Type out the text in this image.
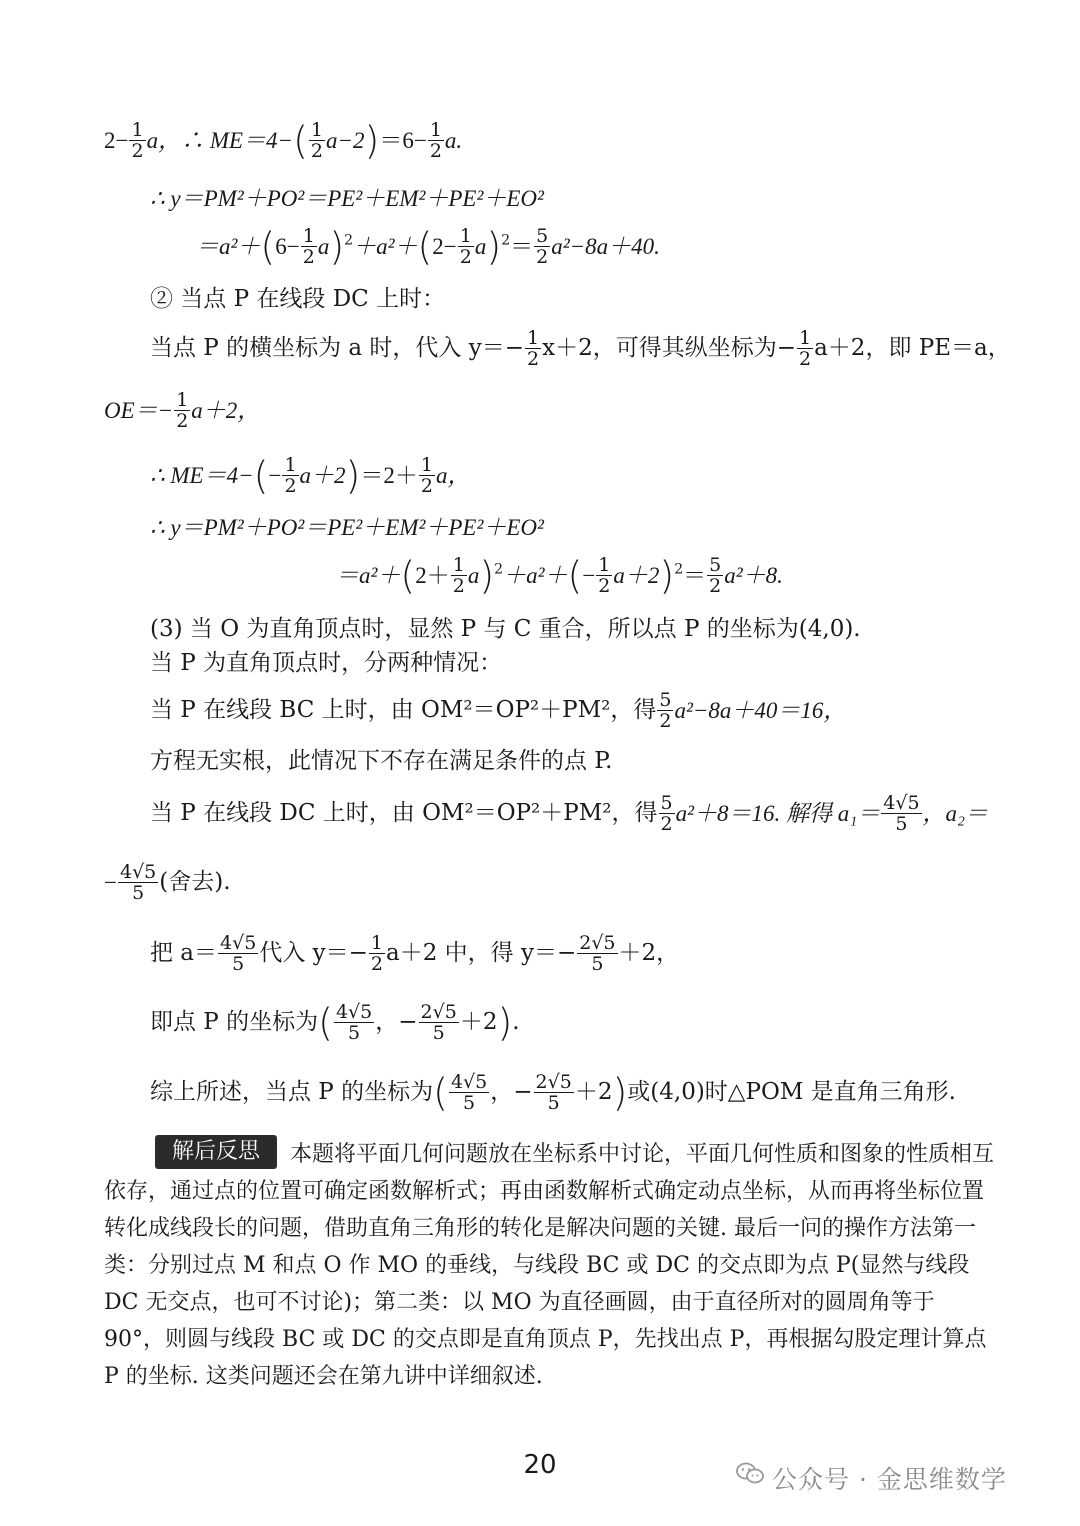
$2- \frac{1}{2}$ a，∴ $ME=4-( \frac{1}{2} a-2)=6- \frac{1}{2} a$.
∴ y＝PM²＋PO²＝PE²＋EM²＋PE²＋EO²
$=a^2+(6- \frac{1}{2} a)^2+a^2+(2- \frac{1}{2} a)^2= \frac{5}{2} a^2-8a+40$.
② 当点 P 在线段 DC 上时：
当点 P 的横坐标为 a 时，代入 $y=- \frac{1}{2} x+2$，可得其纵坐标为− $\frac{1}{2} a+2$，即 PE＝a，
$OE=- \frac{1}{2} a+2$，
∴ $ME=4-(- \frac{1}{2} a+2)=2+ \frac{1}{2}$ a，
∴ y＝PM²＋PO²＝PE²＋EM²＋PE²＋EO²
$=a^2+(2+ \frac{1}{2} a)^2+a^2+(- \frac{1}{2} a+2)^2= \frac{5}{2} a^2+8$.
(3) 当 O 为直角顶点时，显然 P 与 C 重合，所以点 P 的坐标为(4,0).
当 P 为直角顶点时，分两种情况：
当 P 在线段 BC 上时，由 OM²＝OP²＋PM²，得 $\frac{5}{2} a^2-8a+40=16$，
方程无实根，此情况下不存在满足条件的点 P.
当 P 在线段 DC 上时，由 OM²＝OP²＋PM²，得 $\frac{5}{2} a^2+8=16$. 解得 $a_1= \frac{4√5}{5}$ ，a₂＝
− $\frac{4√5}{5}$ (舍去).
把 $a= \frac{4√5}{5}$ 代入 $y=- \frac{1}{2} a+2$ 中，得 $y=- \frac{2√5}{5} +2$，
即点 P 的坐标为( $\frac{4√5}{5}$ ，− $\frac{2√5}{5} +2$).
综上所述，当点 P 的坐标为( $\frac{4√5}{5}$ ，− $\frac{2√5}{5} +2$)或(4,0)时△POM 是直角三角形.
本题将平面几何问题放在坐标系中讨论，平面几何性质和图象的性质相互依存，通过点的位置可确定函数解析式；再由函数解析式确定动点坐标，从而再将坐标位置转化成线段长的问题，借助直角三角形的转化是解决问题的关键. 最后一问的操作方法第一类：分别过点 M 和点 O 作 MO 的垂线，与线段 BC 或 DC 的交点即为点 P(显然与线段 DC 无交点，也可不讨论)；第二类：以 MO 为直径画圆，由于直径所对的圆周角等于 90°，则圆与线段 BC 或 DC 的交点即是直角顶点 P，先找出点 P，再根据勾股定理计算点 P 的坐标. 这类问题还会在第九讲中详细叙述.
解后反思
20	公众号 · 金思维数学
